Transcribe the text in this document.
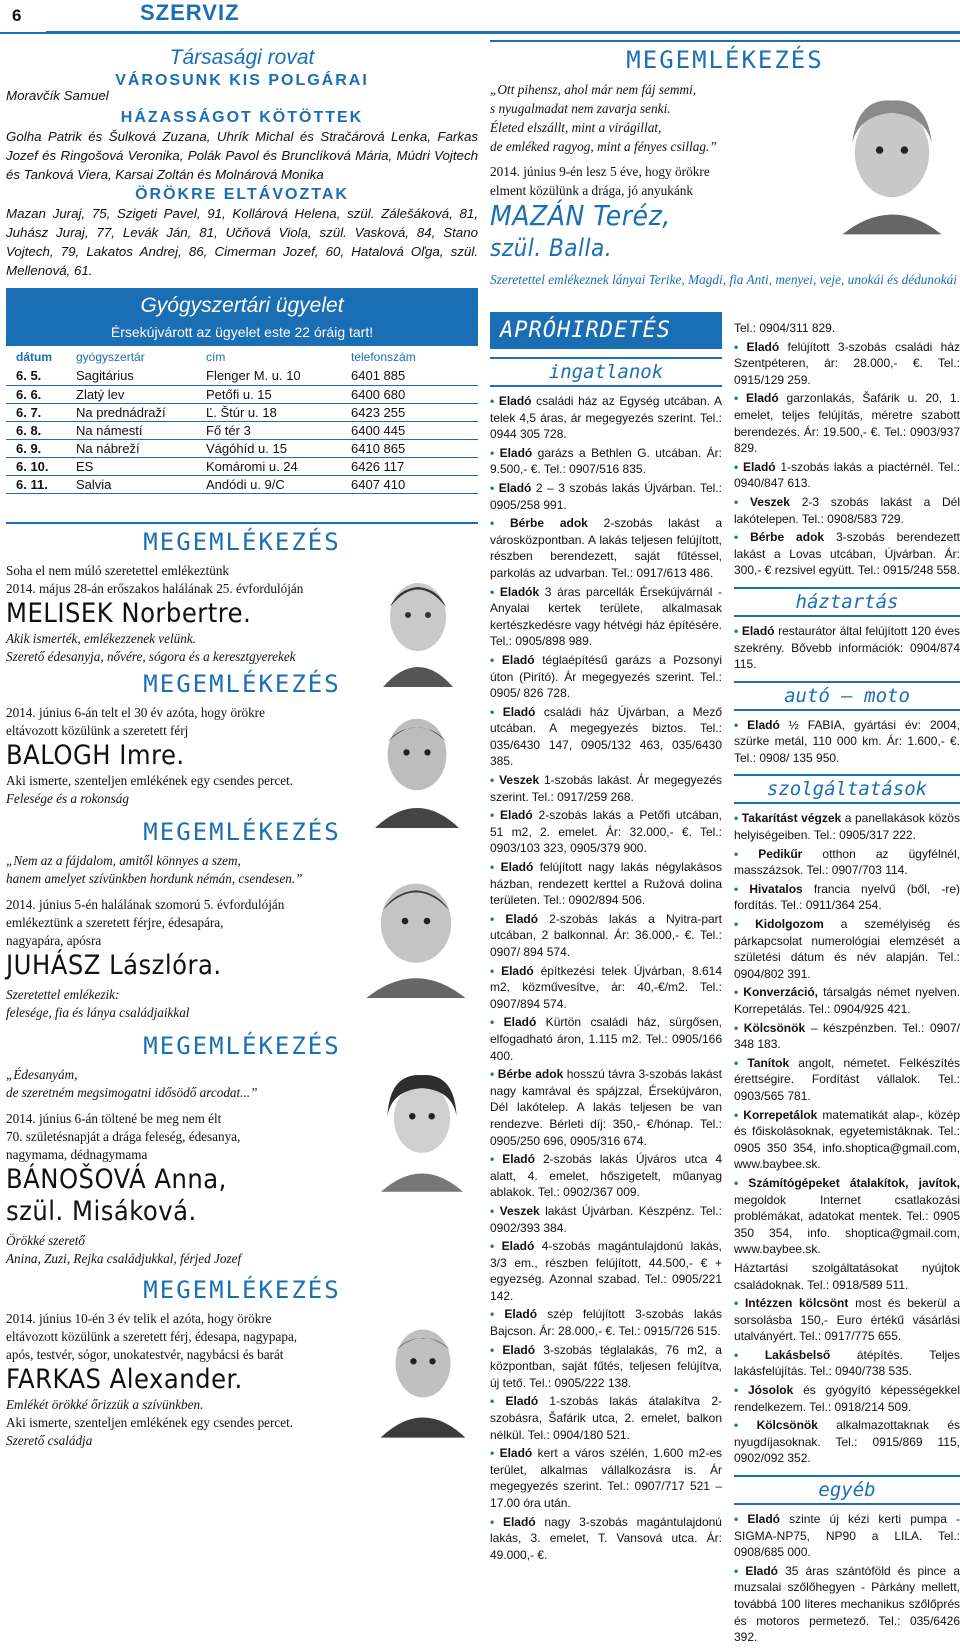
6	SZERVIZ
Társasági rovat
VÁROSUNK KIS POLGÁRAI
Moravčík Samuel
HÁZASSÁGOT KÖTÖTTEK
Golha Patrik és Šulková Zuzana, Uhrík Michal és Stračárová Lenka, Farkas Jozef és Ringošová Veronika, Polák Pavol és Brunclíková Mária, Múdri Vojtech és Tanková Viera, Karsai Zoltán és Molnárová Monika
ÖRÖKRE ELTÁVOZTAK
Mazan Juraj, 75, Szigeti Pavel, 91, Kollárová Helena, szül. Zálešáková, 81, Juhász Juraj, 77, Levák Ján, 81, Učňová Viola, szül. Vasková, 84, Stano Vojtech, 79, Lakatos Andrej, 86, Cimerman Jozef, 60, Hatalová Oľga, szül. Mellenová, 61.
Gyógyszertári ügyelet
Érsekújvárott az ügyelet este 22 óráig tart!
dátum	gyógyszertár	cím	telefonszám
6. 5.	Sagitárius	Flenger M. u. 10	6401 885
6. 6.	Zlatý lev	Petőfi u. 15	6400 680
6. 7.	Na prednádraží	Ľ. Štúr u. 18	6423 255
6. 8.	Na námestí	Fő tér 3	6400 445
6. 9.	Na nábreží	Vágóhíd u. 15	6410 865
6. 10.	ES	Komáromi u. 24	6426 117
6. 11.	Salvia	Andódi u. 9/C	6407 410
MEGEMLÉKEZÉS

Soha el nem múló szeretettel emlékeztünk

2014. május 28-án erőszakos halálának 25. évfordulóján

MELISEK Norbertre.

Akik ismerték, emlékezzenek velünk.

Szerető édesanyja, nővére, sógora és a keresztgyerekek

MEGEMLÉKEZÉS

2014. június 6-án telt el 30 év azóta, hogy örökre

eltávozott közülünk a szeretett férj

BALOGH Imre.

Aki ismerte, szenteljen emlékének egy csendes percet.

Felesége és a rokonság

MEGEMLÉKEZÉS

„Nem az a fájdalom, amitől könnyes a szem,

hanem amelyet szívünkben hordunk némán, csendesen.”

2014. június 5-én halálának szomorú 5. évfordulóján

emlékeztünk a szeretett férjre, édesapára,

nagyapára, apósra

JUHÁSZ Lászlóra.

Szeretettel emlékezik:

felesége, fia és lánya családjaikkal

MEGEMLÉKEZÉS

„Édesanyám,

de szeretném megsimogatni idősödő arcodat...”

2014. június 6-án töltené be meg nem élt

70. születésnapját a drága feleség, édesanya,

nagymama, dédnagymama

BÁNOŠOVÁ Anna,
szül. Misáková.

Örökké szerető

Anina, Zuzi, Rejka családjukkal, férjed Jozef

MEGEMLÉKEZÉS

2014. június 10-én 3 év telik el azóta, hogy örökre

eltávozott közülünk a szeretett férj, édesapa, nagypapa,

após, testvér, sógor, unokatestvér, nagybácsi és barát

FARKAS Alexander.

Emlékét örökké őrizzük a szívünkben.

Aki ismerte, szenteljen emlékének egy csendes percet.

Szerető családja

MEGEMLÉKEZÉS

„Ott pihensz, ahol már nem fáj semmi,

s nyugalmadat nem zavarja senki.

Életed elszállt, mint a virágillat,

de emléked ragyog, mint a fényes csillag.”

2014. június 9-én lesz 5 éve, hogy örökre

elment közülünk a drága, jó anyukánk

MAZÁN Teréz,
szül. Balla.

Szeretettel emlékeznek lányai Terike, Magdi, fia Anti, menyei, veje, unokái és dédunokái

APRÓHIRDETÉS
ingatlanok
• Eladó családi ház az Egység utcában. A telek 4,5 áras, ár megegyezés szerint. Tel.: 0944 305 728.
• Eladó garázs a Bethlen G. utcában. Ár: 9.500,- €. Tel.: 0907/516 835.
• Eladó 2 – 3 szobás lakás Újvárban. Tel.: 0905/258 991.
• Bérbe adok 2-szobás lakást a városközpontban. A lakás teljesen felújított, részben berendezett, saját fűtéssel, parkolás az udvarban. Tel.: 0917/613 486.
• Eladók 3 áras parcellák Érsekújvárnál - Anyalai kertek területe, alkalmasak kertészkedésre vagy hétvégi ház építésére. Tel.: 0905/898 989.
• Eladó téglaépítésű garázs a Pozsonyi úton (Pirító). Ár megegyezés szerint. Tel.: 0905/ 826 728.
• Eladó családi ház Újvárban, a Mező utcában. A megegyezés biztos. Tel.: 035/6430 147, 0905/132 463, 035/6430 385.
• Veszek 1-szobás lakást. Ár megegyezés szerint. Tel.: 0917/259 268.
• Eladó 2-szobás lakás a Petőfi utcában, 51 m2, 2. emelet. Ár: 32.000,- €. Tel.: 0903/103 323, 0905/379 900.
• Eladó felújított nagy lakás négylakásos házban, rendezett kerttel a Ružová dolina területen. Tel.: 0902/894 506.
• Eladó 2-szobás lakás a Nyitra-part utcában, 2 balkonnal. Ár: 36.000,- €. Tel.: 0907/ 894 574.
• Eladó építkezési telek Újvárban, 8.614 m2, közművesítve, ár: 40,-€/m2. Tel.: 0907/894 574.
• Eladó Kürtön családi ház, sürgősen, elfogadható áron, 1.115 m2. Tel.: 0905/166 400.
• Bérbe adok hosszú távra 3-szobás lakást nagy kamrával és spájzzal, Érsekújváron, Dél lakótelep. A lakás teljesen be van rendezve. Bérleti díj: 350,- €/hónap. Tel.: 0905/250 696, 0905/316 674.
• Eladó 2-szobás lakás Újváros utca 4 alatt, 4. emelet, hőszigetelt, műanyag ablakok. Tel.: 0902/367 009.
• Veszek lakást Újvárban. Készpénz. Tel.: 0902/393 384.
• Eladó 4-szobás magántulajdonú lakás, 3/3 em., részben felújított, 44.500,- € + egyezség. Azonnal szabad. Tel.: 0905/221 142.
• Eladó szép felújított 3-szobás lakás Bajcson. Ár: 28.000,- €. Tel.: 0915/726 515.
• Eladó 3-szobás téglalakás, 76 m2, a központban, saját fűtés, teljesen felújítva, új tető. Tel.: 0905/222 138.
• Eladó 1-szobás lakás átalakítva 2-szobásra, Šafárik utca, 2. emelet, balkon nélkül. Tel.: 0904/180 521.
• Eladó kert a város szélén, 1.600 m2-es terület, alkalmas vállalkozásra is. Ár megegyezés szerint. Tel.: 0907/717 521 –17.00 óra után.
• Eladó nagy 3-szobás magántulajdonú lakás, 3. emelet, T. Vansová utca. Ár: 49.000,- €.
Tel.: 0904/311 829.
• Eladó felújított 3-szobás családi ház Szentpéteren, ár: 28.000,- €. Tel.: 0915/129 259.
• Eladó garzonlakás, Šafárik u. 20, 1. emelet, teljes felújítás, méretre szabott berendezés. Ár: 19.500,- €. Tel.: 0903/937 829.
• Eladó 1-szobás lakás a piactérnél. Tel.: 0940/847 613.
• Veszek 2-3 szobás lakást a Dél lakótelepen. Tel.: 0908/583 729.
• Bérbe adok 3-szobás berendezett lakást a Lovas utcában, Újvárban. Ár: 300,- € rezsivel együtt. Tel.: 0915/248 558.
háztartás
• Eladó restaurátor által felújított 120 éves szekrény. Bővebb információk: 0904/874 115.
autó – moto
• Eladó ½ FABIA, gyártási év: 2004, szürke metál, 110 000 km. Ár: 1.600,- €. Tel.: 0908/ 135 950.
szolgáltatások
• Takarítást végzek a panellakások közös helyiségeiben. Tel.: 0905/317 222.
• Pedikűr otthon az ügyfélnél, masszázsok. Tel.: 0907/703 114.
• Hivatalos francia nyelvű (ből, -re) fordítás. Tel.: 0911/364 254.
• Kidolgozom a személyiség és párkapcsolat numerológiai elemzését a születési dátum és név alapján. Tel.: 0904/802 391.
• Konverzáció, társalgás német nyelven. Korrepetálás. Tel.: 0904/925 421.
• Kölcsönök – készpénzben. Tel.: 0907/ 348 183.
• Tanítok angolt, németet. Felkészítés érettségire. Fordítást vállalok. Tel.: 0903/565 781.
• Korrepetálok matematikát alap-, közép és főiskolásoknak, egyetemistáknak. Tel.: 0905 350 354, info.shoptica@gmail.com, www.baybee.sk.
• Számítógépeket átalakítok, javítok, megoldok Internet csatlakozási problémákat, adatokat mentek. Tel.: 0905 350 354, info. shoptica@gmail.com, www.baybee.sk.
Háztartási szolgáltatásokat nyújtok családoknak. Tel.: 0918/589 511.
• Intézzen kölcsönt most és bekerül a sorsolásba 150,- Euro értékű vásárlási utalványért. Tel.: 0917/775 655.
• Lakásbelső átépítés. Teljes lakásfelújítás. Tel.: 0940/738 535.
• Jósolok és gyógyító képességekkel rendelkezem. Tel.: 0918/214 509.
• Kölcsönök alkalmazottaknak és nyugdíjasoknak. Tel.: 0915/869 115, 0902/092 352.
egyéb
• Eladó szinte új kézi kerti pumpa - SIGMA-NP75, NP90 a LILA. Tel.: 0908/685 000.
• Eladó 35 áras szántóföld és pince a muzsalai szőlőhegyen - Párkány mellett, továbbá 100 literes mechanikus szőlőprés és motoros permetező. Tel.: 035/6426 392.
